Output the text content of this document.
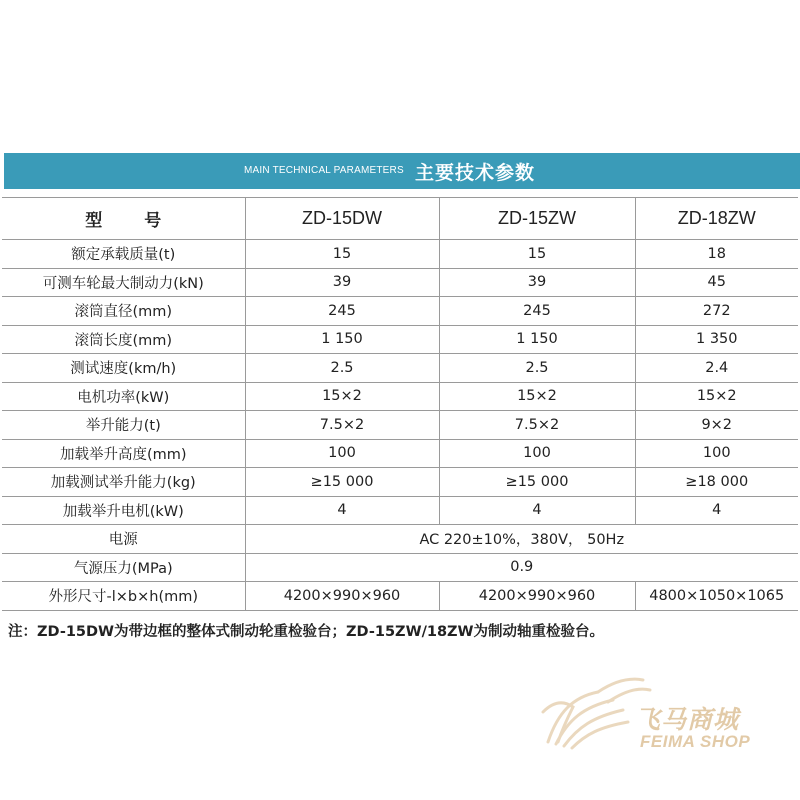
MAIN TECHNICAL PARAMETERS 主要技术参数
型 号	ZD-15DW	ZD-15ZW	ZD-18ZW
额定承载质量(t)	15	15	18
可测车轮最大制动力(kN)	39	39	45
滚筒直径(mm)	245	245	272
滚筒长度(mm)	1 150	1 150	1 350
测试速度(km/h)	2.5	2.5	2.4
电机功率(kW)	15×2	15×2	15×2
举升能力(t)	7.5×2	7.5×2	9×2
加载举升高度(mm)	100	100	100
加载测试举升能力(kg)	≥15 000	≥15 000	≥18 000
加载举升电机(kW)	4	4	4
电源	AC 220±10%，380V， 50Hz		
气源压力(MPa)	0.9		
外形尺寸-l×b×h(mm)	4200×990×960	4200×990×960	4800×1050×1065
注：ZD-15DW为带边框的整体式制动轮重检验台；ZD-15ZW/18ZW为制动轴重检验台。
飞马商城
FEIMA SHOP
